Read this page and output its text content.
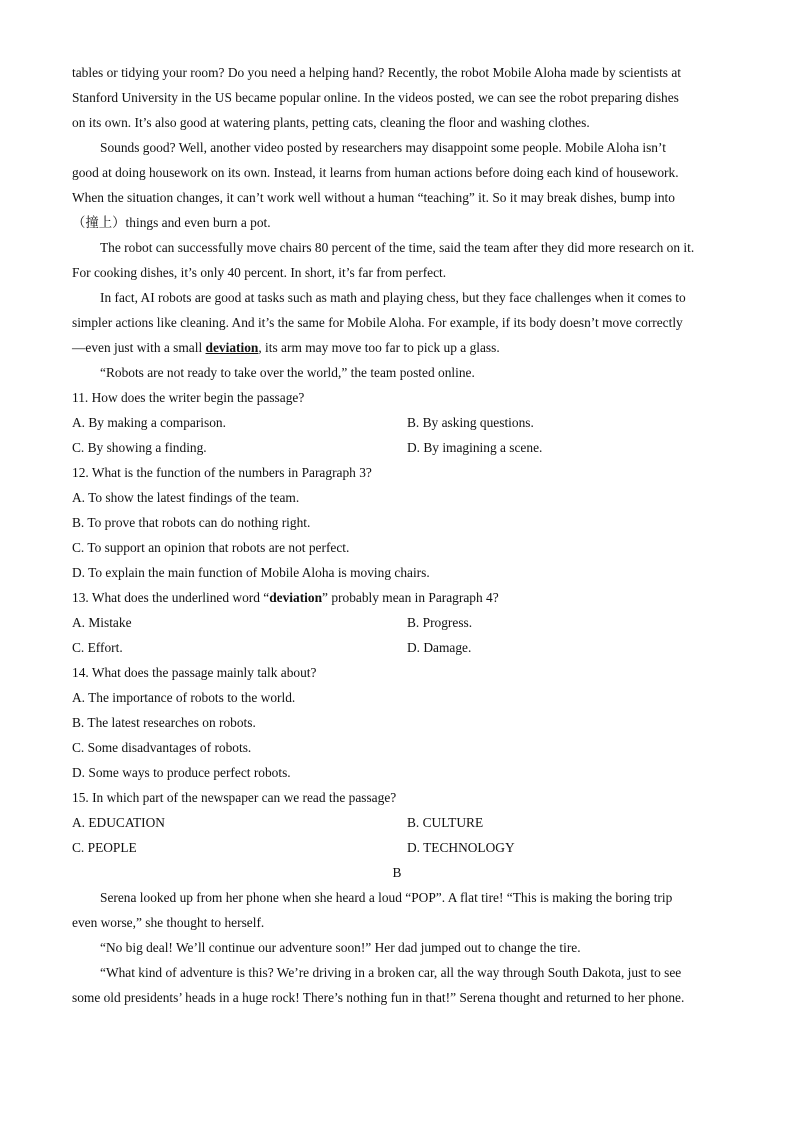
tables or tidying your room? Do you need a helping hand? Recently, the robot Mobile Aloha made by scientists at
Stanford University in the US became popular online. In the videos posted, we can see the robot preparing dishes
on its own. It’s also good at watering plants, petting cats, cleaning the floor and washing clothes.
Sounds good? Well, another video posted by researchers may disappoint some people. Mobile Aloha isn’t
good at doing housework on its own. Instead, it learns from human actions before doing each kind of housework.
When the situation changes, it can’t work well without a human “teaching” it. So it may break dishes, bump into
（撞上）things and even burn a pot.
The robot can successfully move chairs 80 percent of the time, said the team after they did more research on it.
For cooking dishes, it’s only 40 percent. In short, it’s far from perfect.
In fact, AI robots are good at tasks such as math and playing chess, but they face challenges when it comes to
simpler actions like cleaning. And it’s the same for Mobile Aloha. For example, if its body doesn’t move correctly
—even just with a small deviation, its arm may move too far to pick up a glass.
“Robots are not ready to take over the world,” the team posted online.
11. How does the writer begin the passage?
A. By making a comparison.	B. By asking questions.
C. By showing a finding.	D. By imagining a scene.
12. What is the function of the numbers in Paragraph 3?
A. To show the latest findings of the team.
B. To prove that robots can do nothing right.
C. To support an opinion that robots are not perfect.
D. To explain the main function of Mobile Aloha is moving chairs.
13. What does the underlined word “deviation” probably mean in Paragraph 4?
A. Mistake	B. Progress.
C. Effort.	D. Damage.
14. What does the passage mainly talk about?
A. The importance of robots to the world.
B. The latest researches on robots.
C. Some disadvantages of robots.
D. Some ways to produce perfect robots.
15. In which part of the newspaper can we read the passage?
A. EDUCATION	B. CULTURE
C. PEOPLE	D. TECHNOLOGY
B
Serena looked up from her phone when she heard a loud “POP”. A flat tire! “This is making the boring trip
even worse,” she thought to herself.
“No big deal! We’ll continue our adventure soon!” Her dad jumped out to change the tire.
“What kind of adventure is this? We’re driving in a broken car, all the way through South Dakota, just to see
some old presidents’ heads in a huge rock! There’s nothing fun in that!” Serena thought and returned to her phone.
